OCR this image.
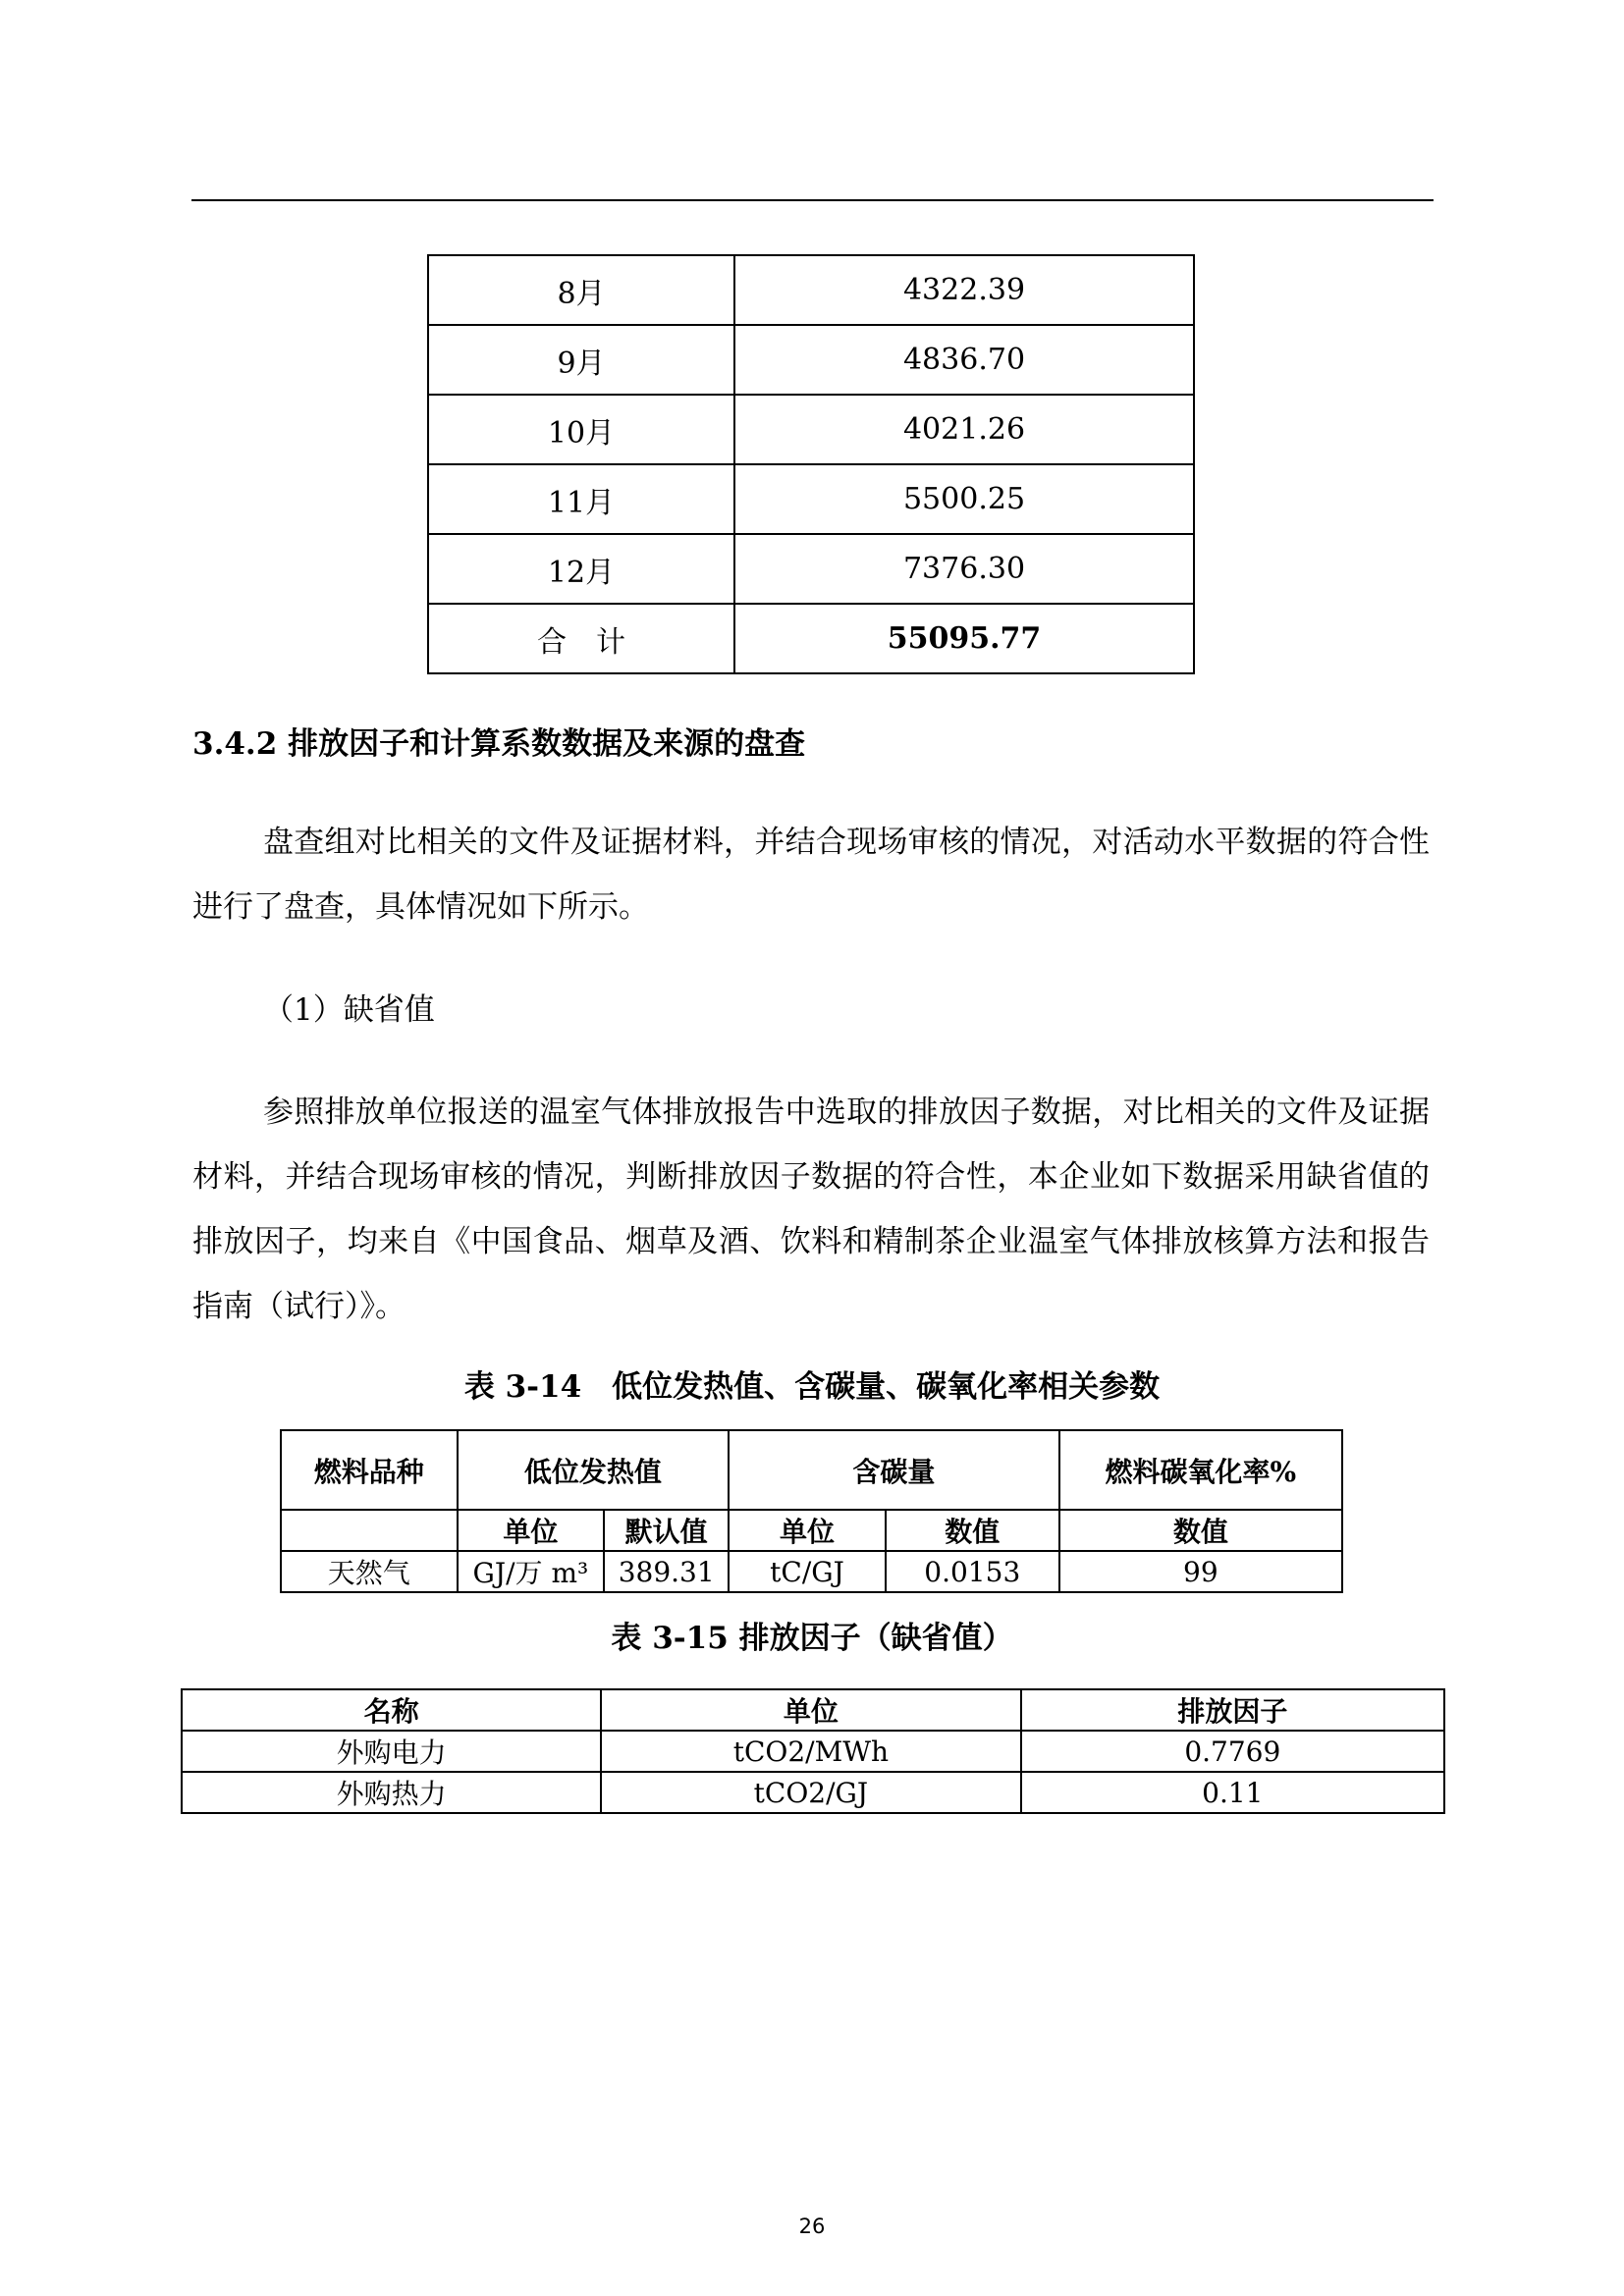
8月	4322.39
9月	4836.70
10月	4021.26
11月	5500.25
12月	7376.30
合　计	55095.77
3.4.2 排放因子和计算系数数据及来源的盘查

盘查组对比相关的文件及证据材料，并结合现场审核的情况，对活动水平数据的符合性进行了盘查，具体情况如下所示。

（1）缺省值

参照排放单位报送的温室气体排放报告中选取的排放因子数据，对比相关的文件及证据材料，并结合现场审核的情况，判断排放因子数据的符合性，本企业如下数据采用缺省值的排放因子，均来自《中国食品、烟草及酒、饮料和精制茶企业温室气体排放核算方法和报告指南（试行）》。

表 3-14　低位发热值、含碳量、碳氧化率相关参数
燃料品种	低位发热值		含碳量		燃料碳氧化率%
	单位	默认值	单位	数值	数值
天然气	GJ/万 m³	389.31	tC/GJ	0.0153	99
表 3-15 排放因子（缺省值）
名称	单位	排放因子
外购电力	tCO2/MWh	0.7769
外购热力	tCO2/GJ	0.11
26
